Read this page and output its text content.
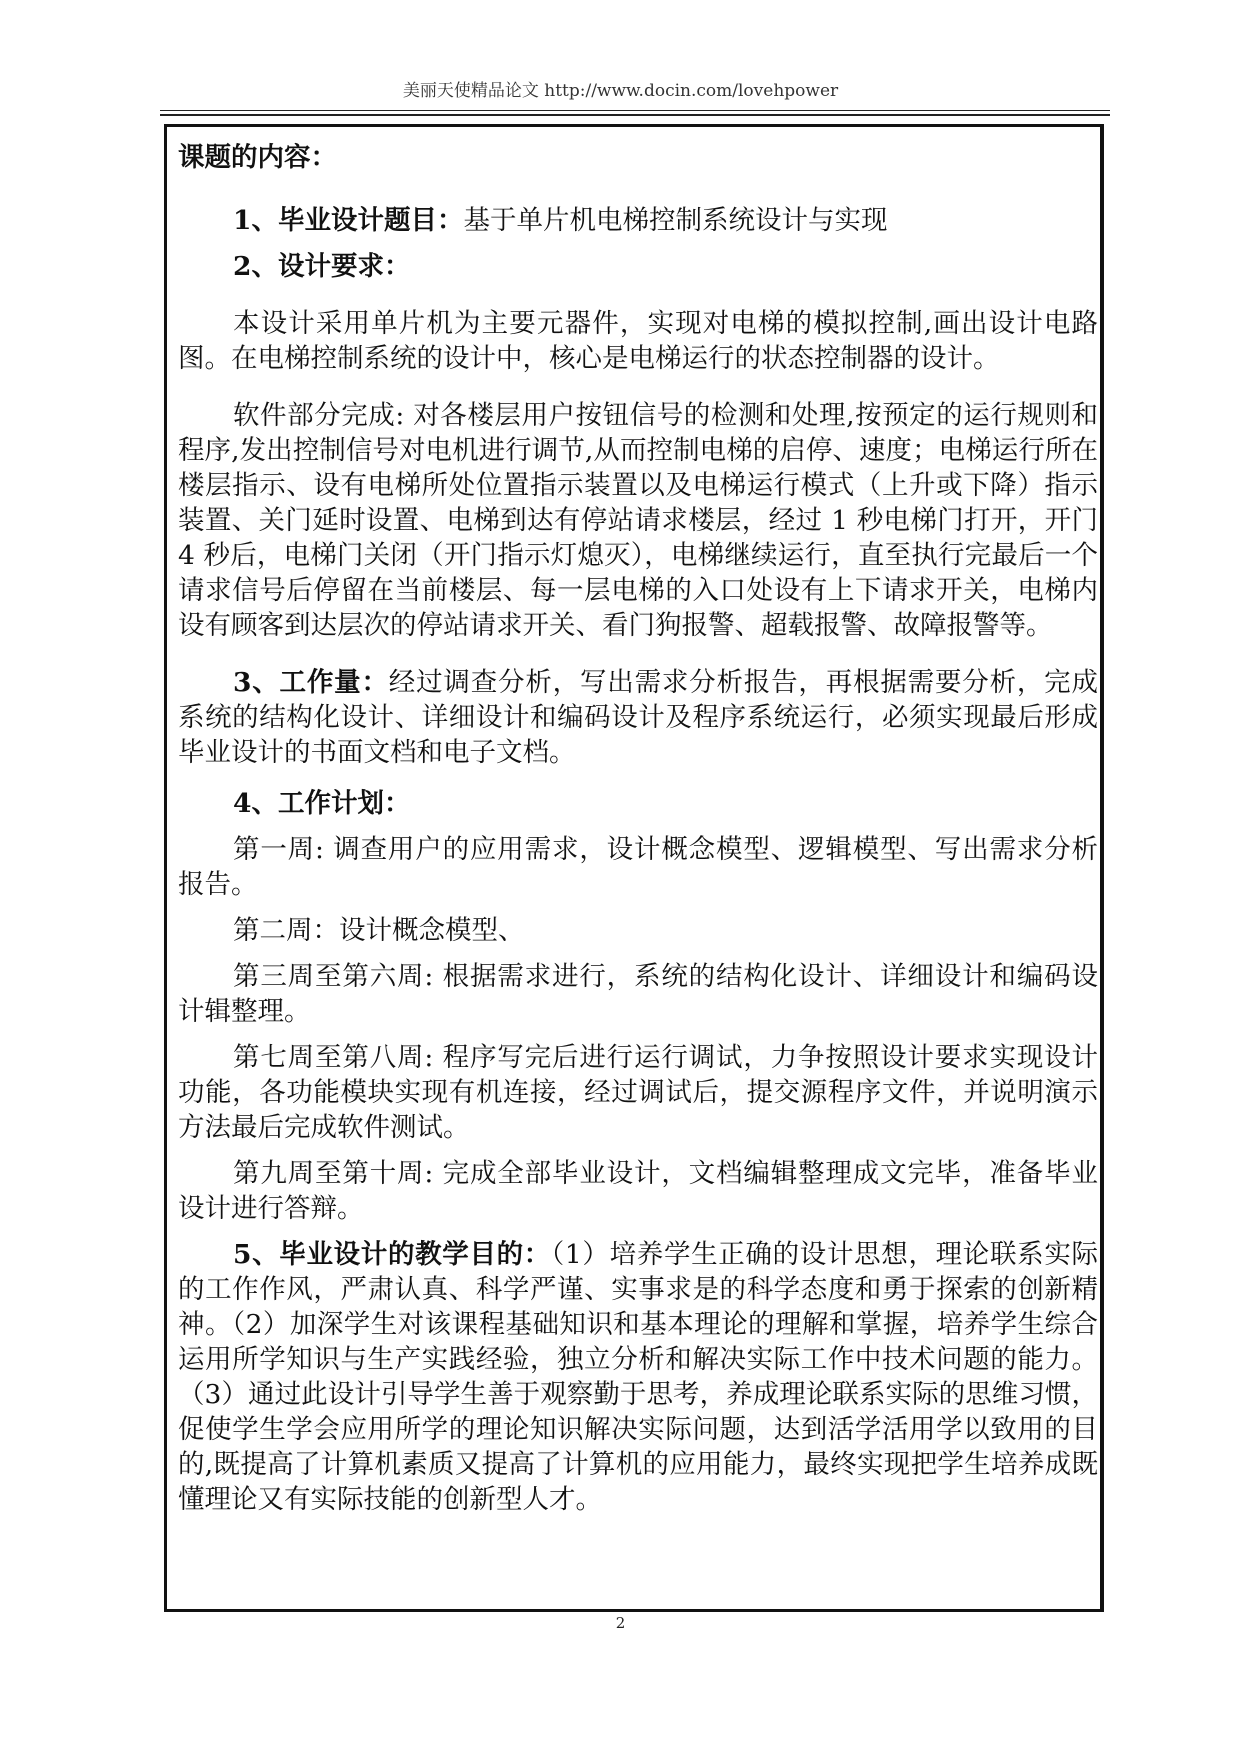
美丽天使精品论文 http://www.docin.com/lovehpower

课题的内容：

1、毕业设计题目：基于单片机电梯控制系统设计与实现

2、设计要求：

本设计采用单片机为主要元器件，实现对电梯的模拟控制,画出设计电路图。在电梯控制系统的设计中，核心是电梯运行的状态控制器的设计。

软件部分完成: 对各楼层用户按钮信号的检测和处理,按预定的运行规则和程序,发出控制信号对电机进行调节,从而控制电梯的启停、速度；电梯运行所在楼层指示、设有电梯所处位置指示装置以及电梯运行模式（上升或下降）指示装置、关门延时设置、电梯到达有停站请求楼层，经过 1 秒电梯门打开，开门 4 秒后，电梯门关闭（开门指示灯熄灭），电梯继续运行，直至执行完最后一个请求信号后停留在当前楼层、每一层电梯的入口处设有上下请求开关，电梯内设有顾客到达层次的停站请求开关、看门狗报警、超载报警、故障报警等。

3、工作量：经过调查分析，写出需求分析报告，再根据需要分析，完成系统的结构化设计、详细设计和编码设计及程序系统运行，必须实现最后形成毕业设计的书面文档和电子文档。

4、工作计划：

第一周: 调查用户的应用需求，设计概念模型、逻辑模型、写出需求分析报告。

第二周：设计概念模型、

第三周至第六周: 根据需求进行，系统的结构化设计、详细设计和编码设计辑整理。

第七周至第八周: 程序写完后进行运行调试，力争按照设计要求实现设计功能，各功能模块实现有机连接，经过调试后，提交源程序文件，并说明演示方法最后完成软件测试。

第九周至第十周: 完成全部毕业设计，文档编辑整理成文完毕，准备毕业设计进行答辩。

5、毕业设计的教学目的：（1）培养学生正确的设计思想，理论联系实际的工作作风，严肃认真、科学严谨、实事求是的科学态度和勇于探索的创新精神。（2）加深学生对该课程基础知识和基本理论的理解和掌握，培养学生综合运用所学知识与生产实践经验，独立分析和解决实际工作中技术问题的能力。（3）通过此设计引导学生善于观察勤于思考，养成理论联系实际的思维习惯，促使学生学会应用所学的理论知识解决实际问题，达到活学活用学以致用的目的,既提高了计算机素质又提高了计算机的应用能力，最终实现把学生培养成既懂理论又有实际技能的创新型人才。

2
